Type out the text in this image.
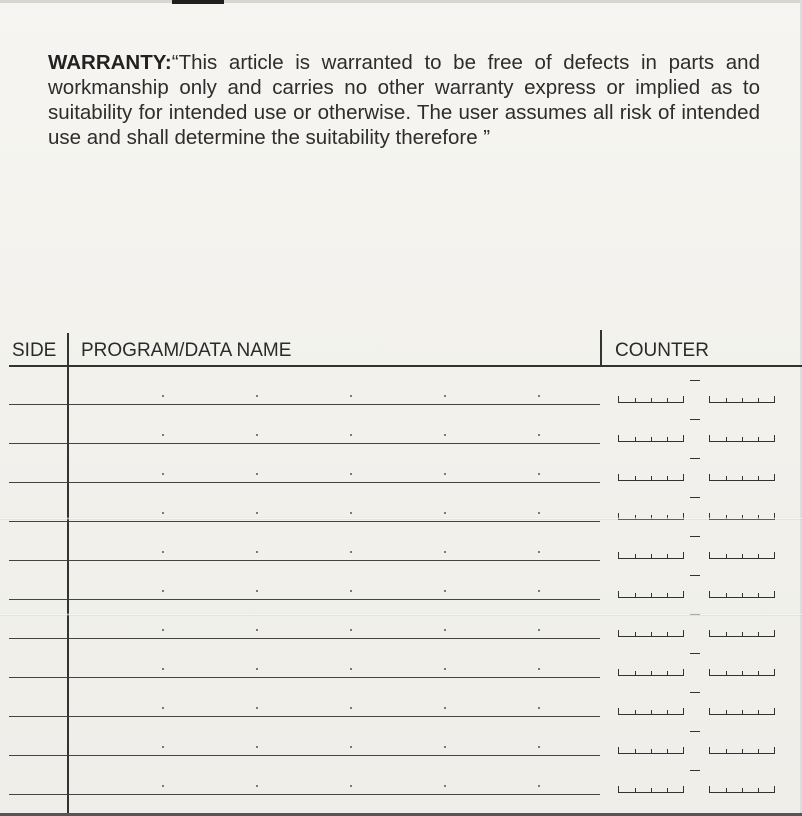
WARRANTY:“This article is warranted to be free of defects in parts and workmanship only and carries no other warranty express or implied as to suitability for intended use or otherwise. The user assumes all risk of intended use and shall determine the suitability therefore ”
SIDE PROGRAM/DATA NAME	COUNTER
